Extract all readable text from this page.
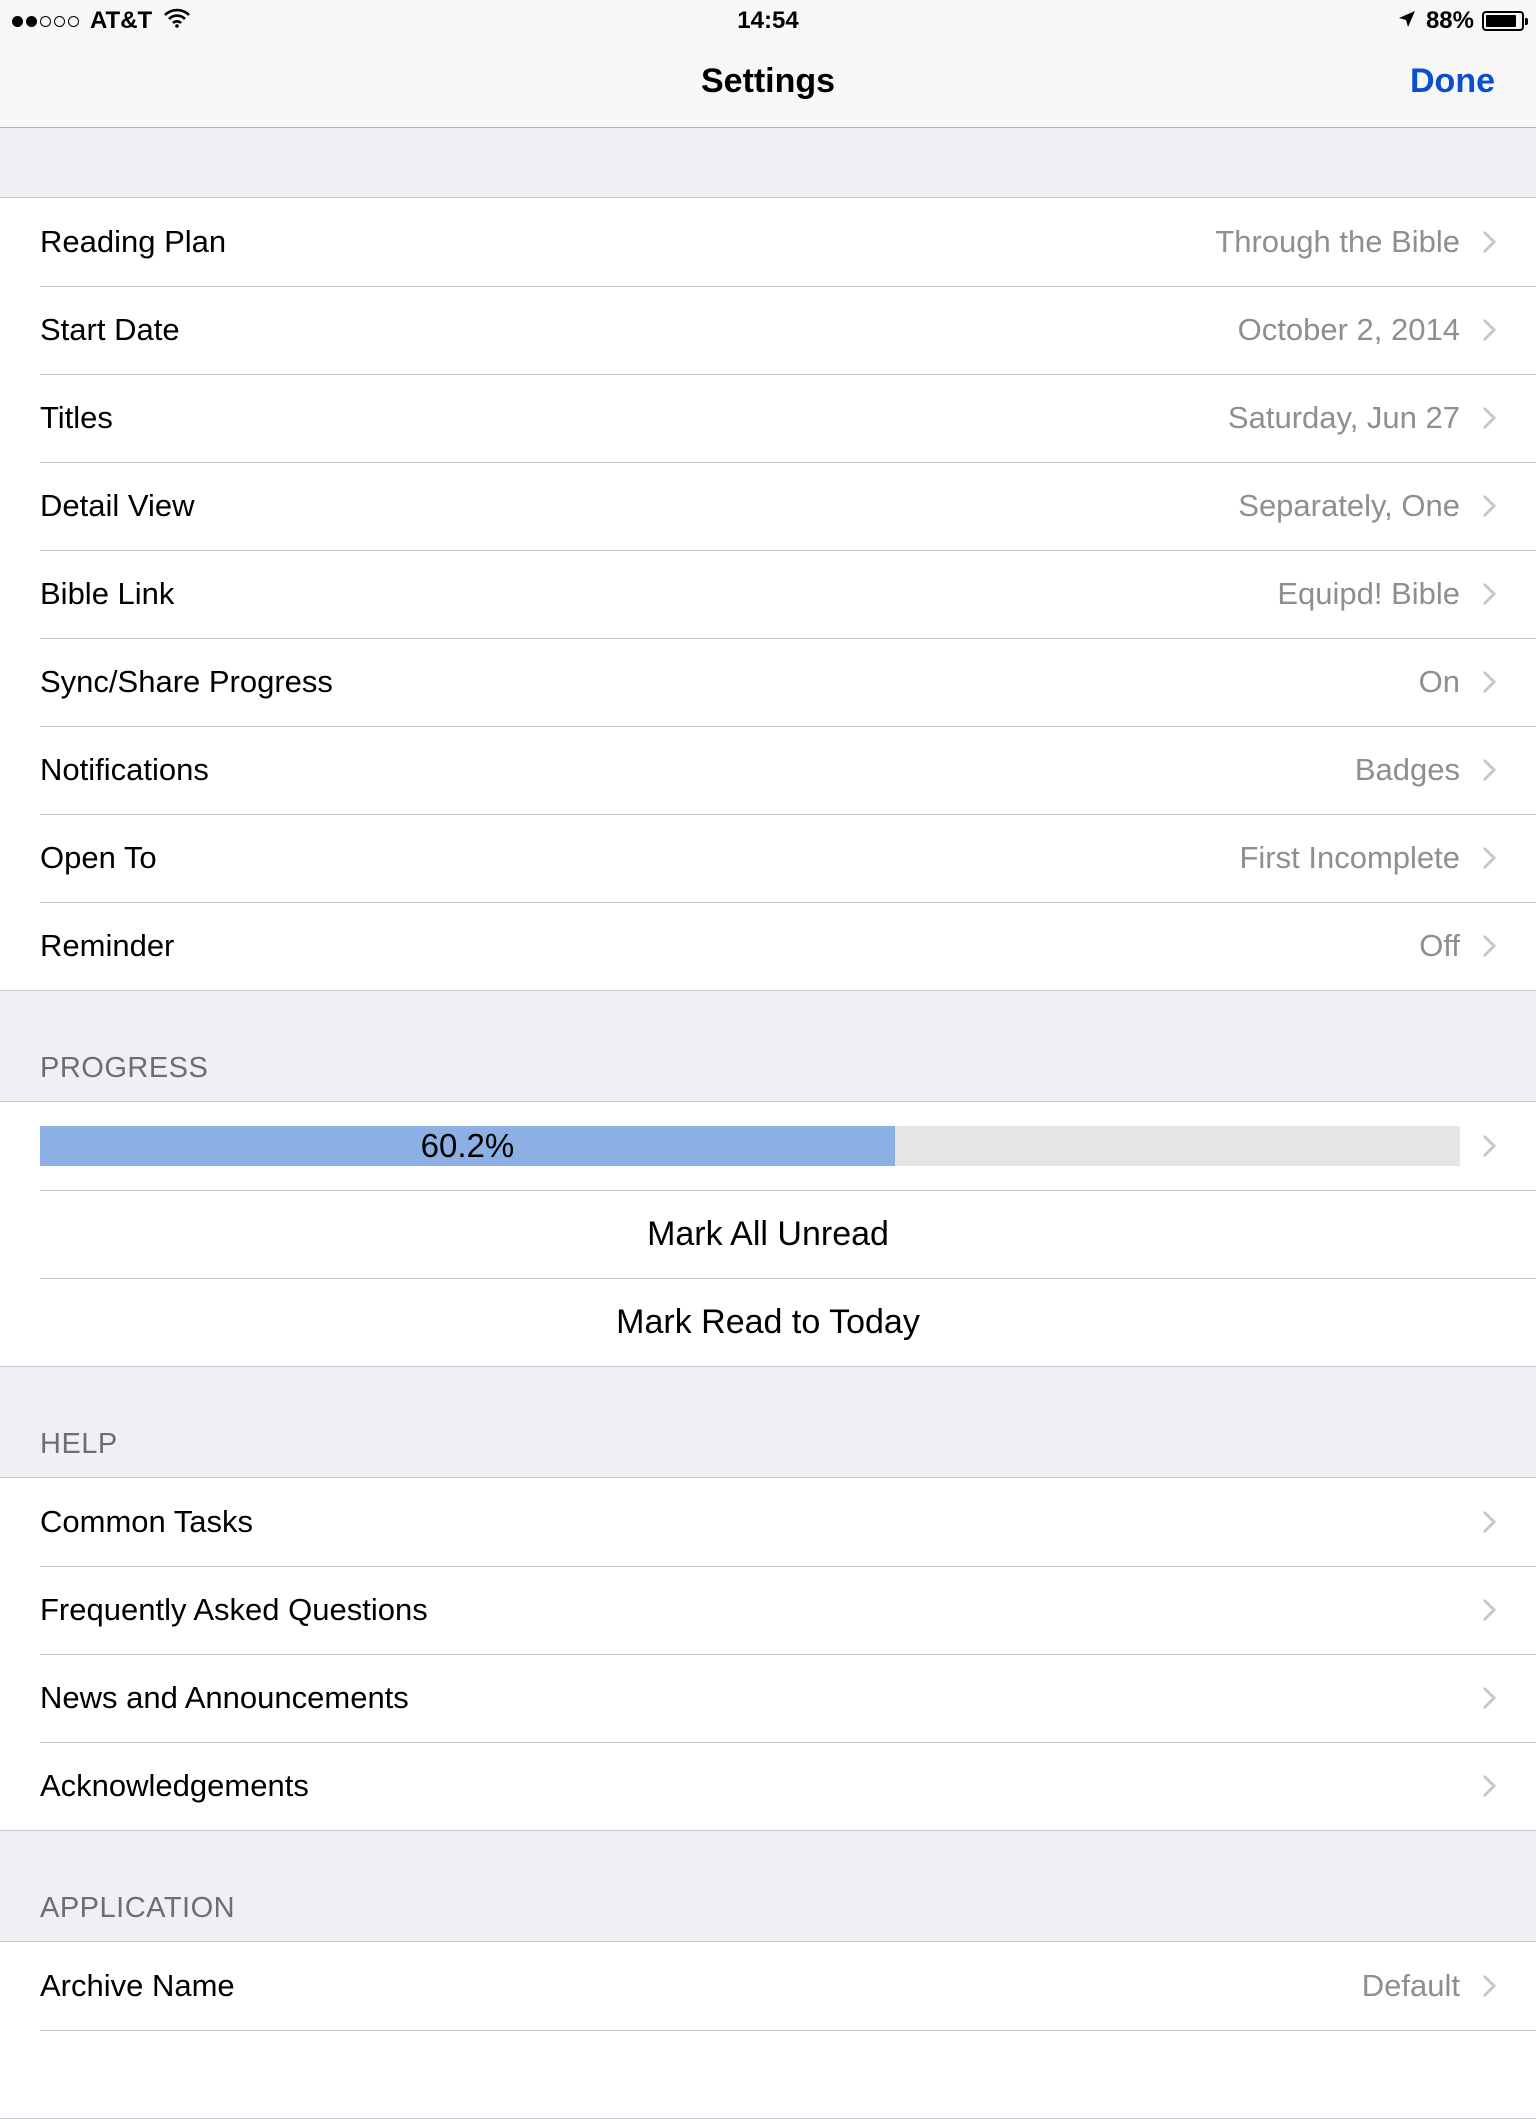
AT&T	14:54	88%
Settings	Done
Reading Plan	Through the Bible
Start Date	October 2, 2014
Titles	Saturday, Jun 27
Detail View	Separately, One
Bible Link	Equipd! Bible
Sync/Share Progress	On
Notifications	Badges
Open To	First Incomplete
Reminder	Off
PROGRESS
60.2%
Mark All Unread
Mark Read to Today
HELP
Common Tasks
Frequently Asked Questions
News and Announcements
Acknowledgements
APPLICATION
Archive Name	Default
